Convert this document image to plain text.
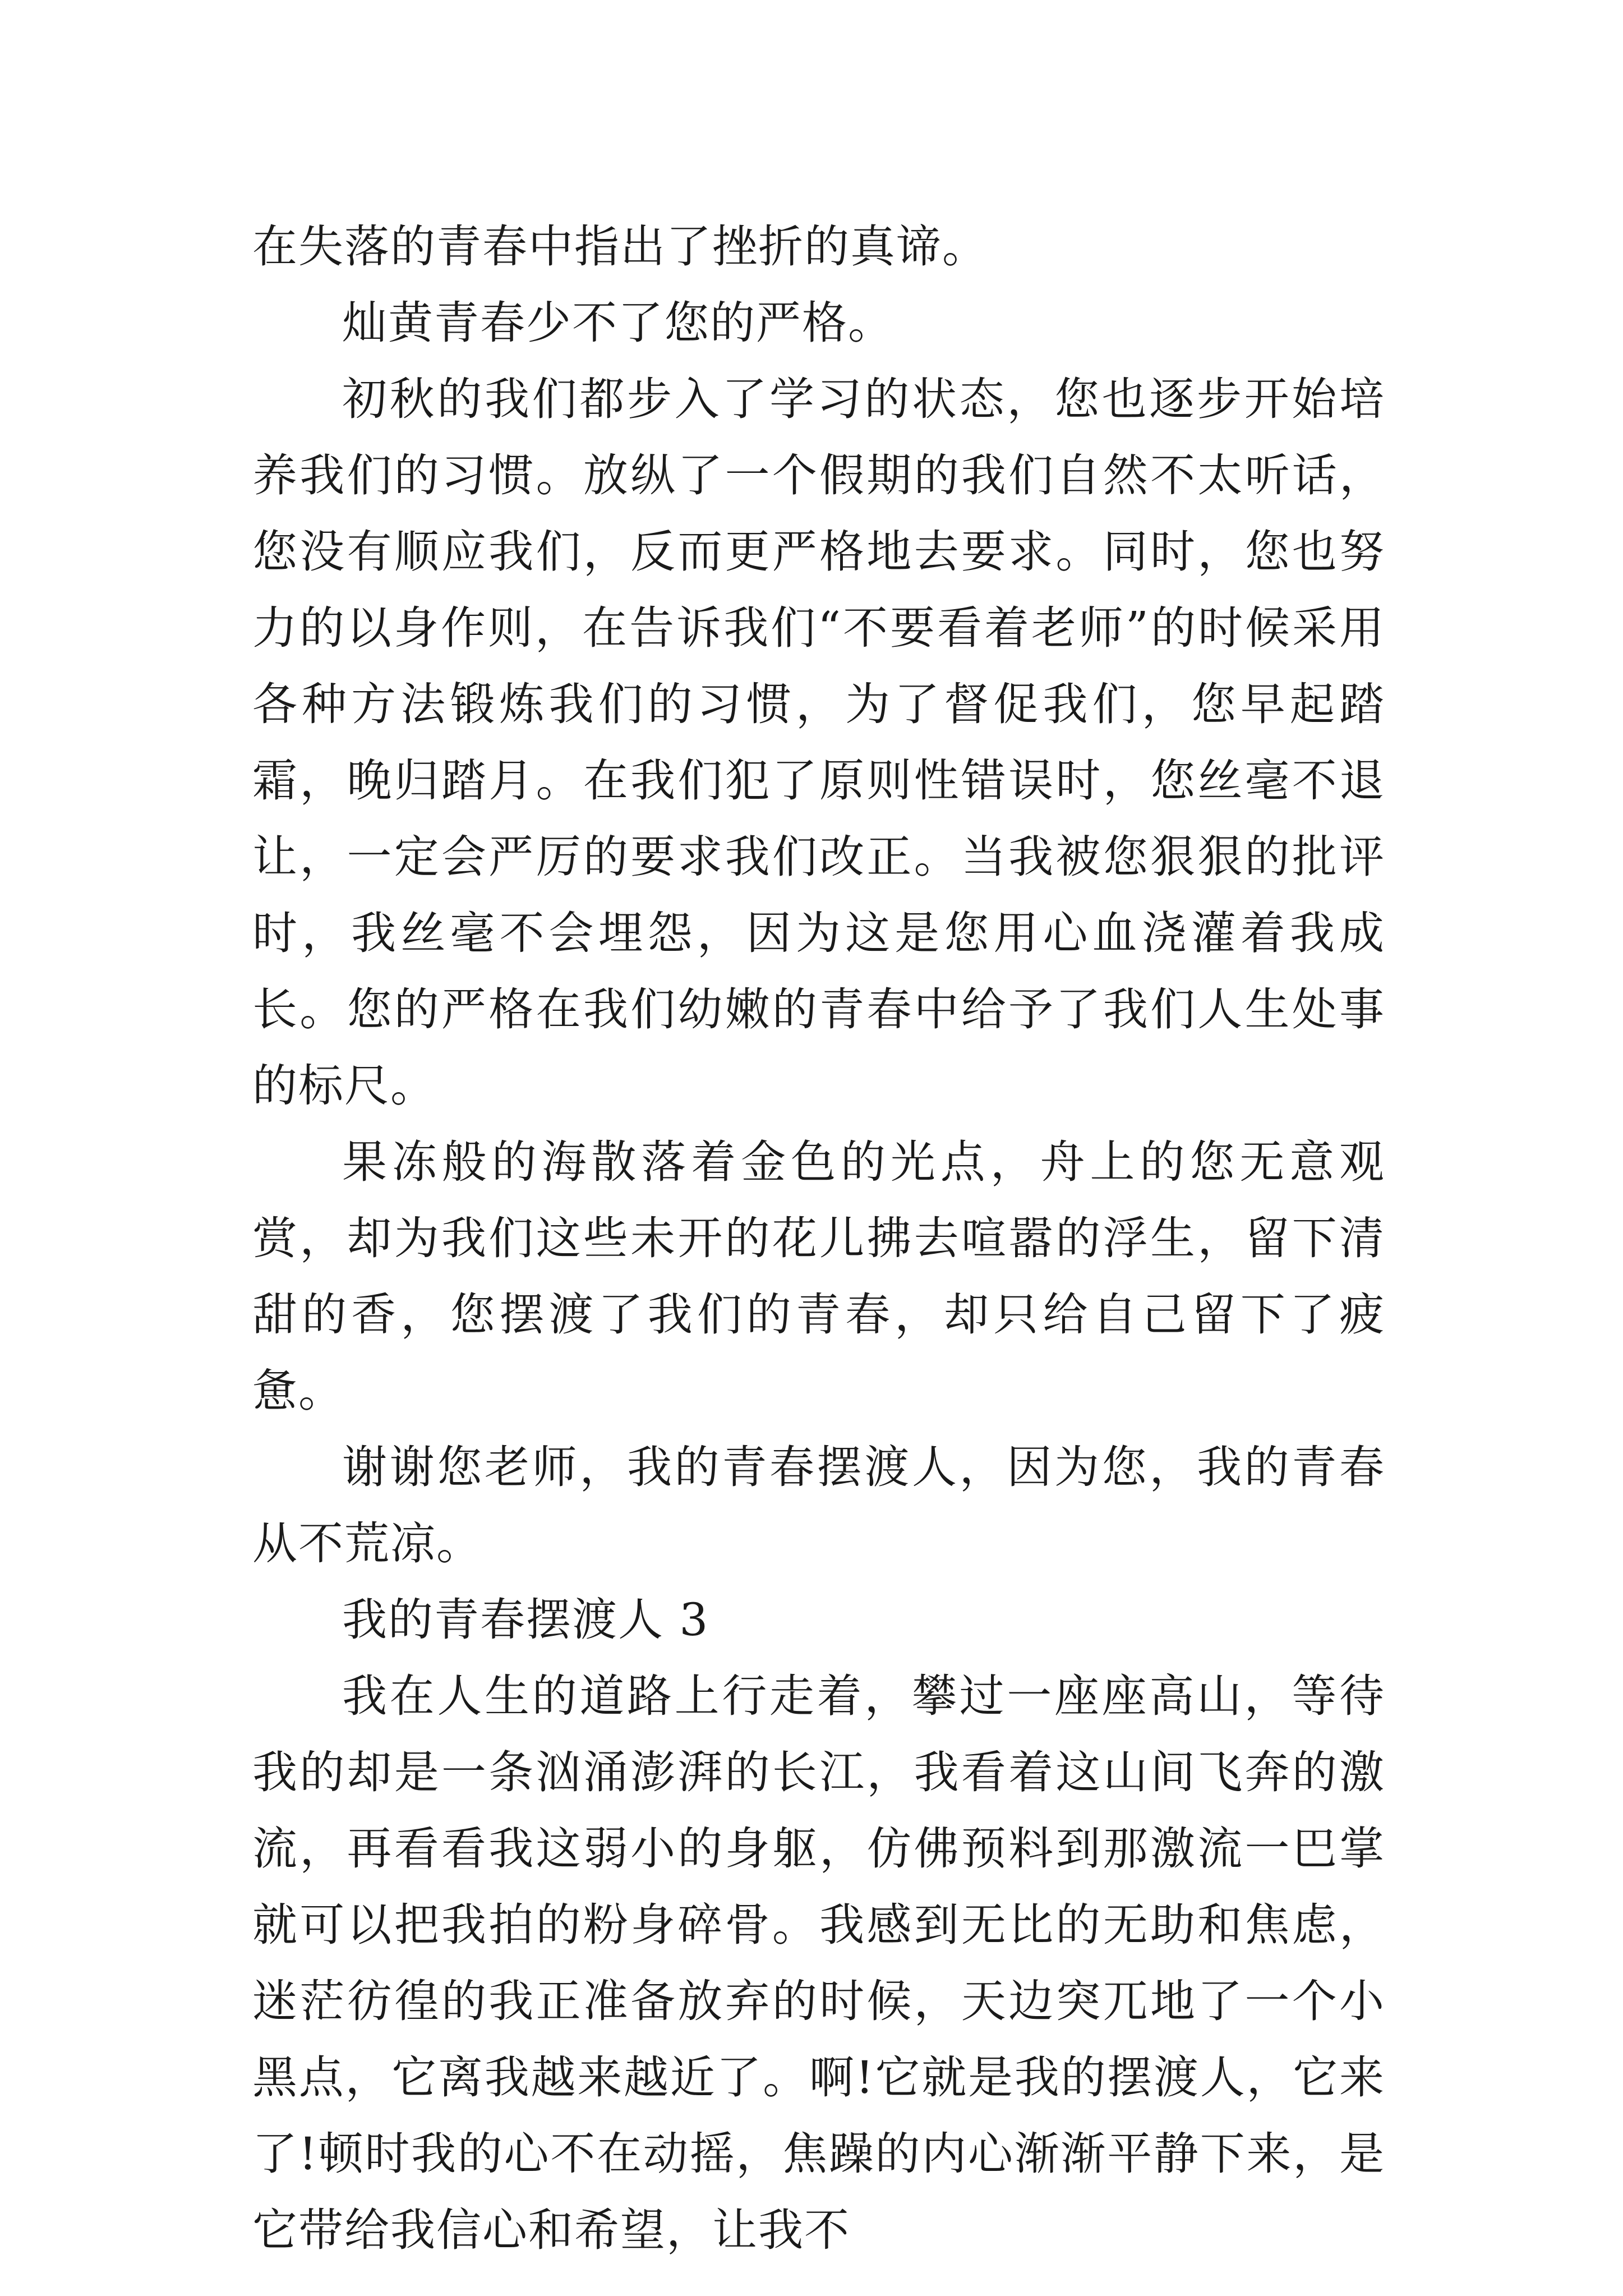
在失落的青春中指出了挫折的真谛。

灿黄青春少不了您的严格。

初秋的我们都步入了学习的状态，您也逐步开始培养我们的习惯。放纵了一个假期的我们自然不太听话，您没有顺应我们，反而更严格地去要求。同时，您也努力的以身作则，在告诉我们“不要看着老师”的时候采用各种方法锻炼我们的习惯，为了督促我们，您早起踏霜，晚归踏月。在我们犯了原则性错误时，您丝毫不退让，一定会严厉的要求我们改正。当我被您狠狠的批评时，我丝毫不会埋怨，因为这是您用心血浇灌着我成长。您的严格在我们幼嫩的青春中给予了我们人生处事的标尺。

果冻般的海散落着金色的光点，舟上的您无意观赏，却为我们这些未开的花儿拂去喧嚣的浮生，留下清甜的香，您摆渡了我们的青春，却只给自己留下了疲惫。

谢谢您老师，我的青春摆渡人，因为您，我的青春从不荒凉。

我的青春摆渡人 3

我在人生的道路上行走着，攀过一座座高山，等待我的却是一条汹涌澎湃的长江，我看着这山间飞奔的激流，再看看我这弱小的身躯，仿佛预料到那激流一巴掌就可以把我拍的粉身碎骨。我感到无比的无助和焦虑，迷茫彷徨的我正准备放弃的时候，天边突兀地了一个小黑点，它离我越来越近了。啊!它就是我的摆渡人，它来了!顿时我的心不在动摇，焦躁的内心渐渐平静下来，是它带给我信心和希望，让我不
